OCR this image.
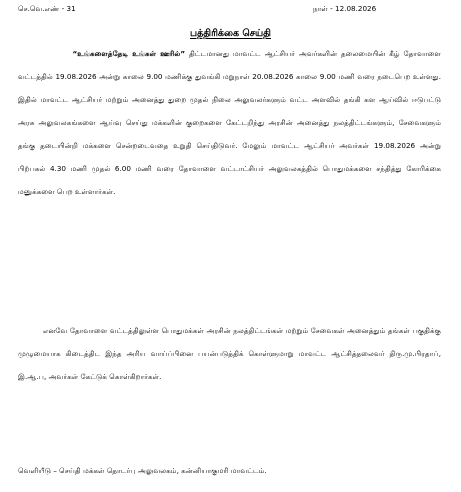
செ.வெ.எண் - 31	நாள் - 12.08.2026
பத்திரிக்கை செய்தி

“உங்களைத்தேடி உங்கள் ஊரில்” திட்டமானது மாவட்ட ஆட்சியர் அவர்களின் தலைமையின் கீழ் தோவாளை வட்டத்தில் 19.08.2026 அன்று காலை 9.00 மணிக்கு துவங்கி மறுநாள் 20.08.2026 காலை 9.00 மணி வரை நடைபெற உள்ளது. இதில் மாவட்ட ஆட்சியர் மற்றும் அனைத்து துறை முதல் நிலை அலுவலர்களும் வட்ட அளவில் தங்கி கள ஆய்வில் ஈடுபட்டு அரசு அலுவலகங்களை ஆய்வு செய்து மக்களின் குறைகளை கேட்டறிந்து அரசின் அனைத்து நலத்திட்டங்களும், சேவைகளும் தங்கு தடையின்றி மக்களை சென்றடைவதை உறுதி செய்திடுவர். மேலும் மாவட்ட ஆட்சியர் அவர்கள் 19.08.2026 அன்று பிற்பகல் 4.30 மணி முதல் 6.00 மணி வரை தோவாளை வட்டாட்சியர் அலுவலகத்தில் பொதுமக்களை சந்தித்து கோரிக்கை மனுக்களை பெற உள்ளார்கள்.

எனவே தோவாளை வட்டத்திலுள்ள பொதுமக்கள் அரசின் நலத்திட்டங்கள் மற்றும் சேவைகள் அனைத்தும் தங்கள் பகுதிக்கு முழுமையாக கிடைத்திட இந்த அரிய வாய்ப்பினை பயன்படுத்திக் கொள்ளுமாறு மாவட்ட ஆட்சித்தலைவர் திரு.மு.பிரதாப், இ.ஆ.ப, அவர்கள் கேட்டுக் கொள்கிறார்கள்.

வெளியீடு – செய்தி மக்கள் தொடர்பு அலுவலகம், கன்னியாகுமரி மாவட்டம்.
